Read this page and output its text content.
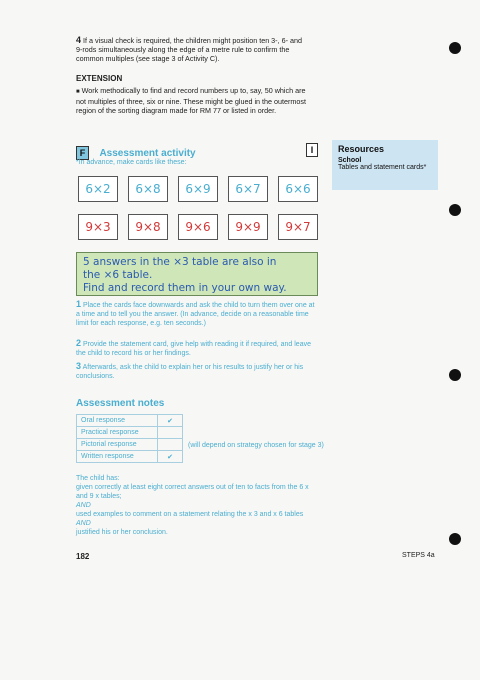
4 If a visual check is required, the children might position ten 3-, 6- and 9-rods simultaneously along the edge of a metre rule to confirm the common multiples (see stage 3 of Activity C).
EXTENSION
■ Work methodically to find and record numbers up to, say, 50 which are not multiples of three, six or nine. These might be glued in the outermost region of the sorting diagram made for RM 77 or listed in order.
F Assessment activity	I
*In advance, make cards like these:
6×2	6×8	6×9	6×7	6×6
9×3	9×8	9×6	9×9	9×7
5 answers in the ×3 table are also in
the ×6 table.
Find and record them in your own way.
Resources
School
Tables and statement cards*
1 Place the cards face downwards and ask the child to turn them over one at a time and to tell you the answer. (In advance, decide on a reasonable time limit for each response, e.g. ten seconds.)
2 Provide the statement card, give help with reading it if required, and leave the child to record his or her findings.
3 Afterwards, ask the child to explain her or his results to justify her or his conclusions.
Assessment notes
Oral response	✔
Practical response	
Pictorial response	
Written response	✔
(will depend on strategy chosen for stage 3)
The child has:
given correctly at least eight correct answers out of ten to facts from the 6 x and 9 x tables;
AND
used examples to comment on a statement relating the x 3 and x 6 tables
AND
justified his or her conclusion.
182	STEPS 4a
